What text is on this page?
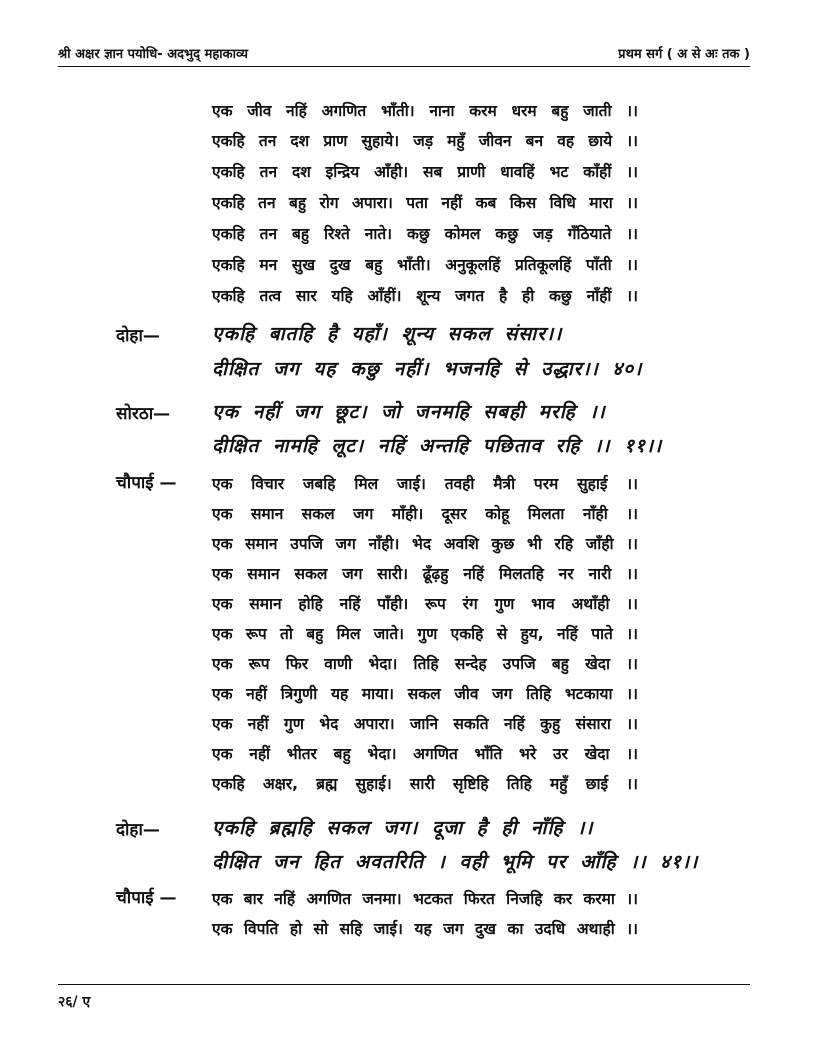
श्री अक्षर ज्ञान पयोधि- अदभुद् महाकाव्य	प्रथम सर्ग ( अ से अः तक )
एक जीव नहिं अगणित भाँती। नाना करम धरम बहु जाती ।।
एकहि तन दश प्राण सुहाये। जड़ महुँ जीवन बन वह छाये ।।
एकहि तन दश इन्द्रिय आँही। सब प्राणी धावहिं भट काँहीं ।।
एकहि तन बहु रोग अपारा। पता नहीं कब किस विधि मारा ।।
एकहि तन बहु रिश्ते नाते। कछु कोमल कछु जड़ गँठियाते ।।
एकहि मन सुख दुख बहु भाँती। अनुकूलहिं प्रतिकूलहिं पाँती ।।
एकहि तत्व सार यहि आँहीं। शून्य जगत है ही कछु नाँहीं ।।
दोहा—	एकहि बातहि है यहाँ। शून्य सकल संसार।।
दीक्षित जग यह कछु नहीं। भजनहि से उद्धार।। ४०।
सोरठा— एक नहीं जग छूट। जो जनमहि सबही मरहि ।।
दीक्षित नामहि लूट। नहिं अन्तहि पछिताव रहि ।। ११।।
चौपाई — एक विचार जबहि मिल जाई। तवही मैत्री परम सुहाई ।।
एक समान सकल जग माँही। दूसर कोहू मिलता नाँही ।।
एक समान उपजि जग नाँही। भेद अवशि कुछ भी रहि जाँही ।।
एक समान सकल जग सारी। ढूँढ़हु नहिं मिलतहि नर नारी ।।
एक समान होहि नहिं पाँही। रूप रंग गुण भाव अथाँही ।।
एक रूप तो बहु मिल जाते। गुण एकहि से हुय, नहिं पाते ।।
एक रूप फिर वाणी भेदा। तिहि सन्देह उपजि बहु खेदा ।।
एक नहीं त्रिगुणी यह माया। सकल जीव जग तिहि भटकाया ।।
एक नहीं गुण भेद अपारा। जानि सकति नहिं कुहु संसारा ।।
एक नहीं भीतर बहु भेदा। अगणित भाँति भरे उर खेदा ।।
एकहि अक्षर, ब्रह्म सुहाई। सारी सृष्टिहि तिहि महुँ छाई ।।
दोहा—	एकहि ब्रह्महि सकल जग। दूजा है ही नाँहि ।।
दीक्षित जन हित अवतरिति । वही भूमि पर आँहि ।। ४१।।
चौपाई — एक बार नहिं अगणित जनमा। भटकत फिरत निजहि कर करमा ।।
एक विपति हो सो सहि जाई। यह जग दुख का उदधि अथाही ।।
२६/ ए
